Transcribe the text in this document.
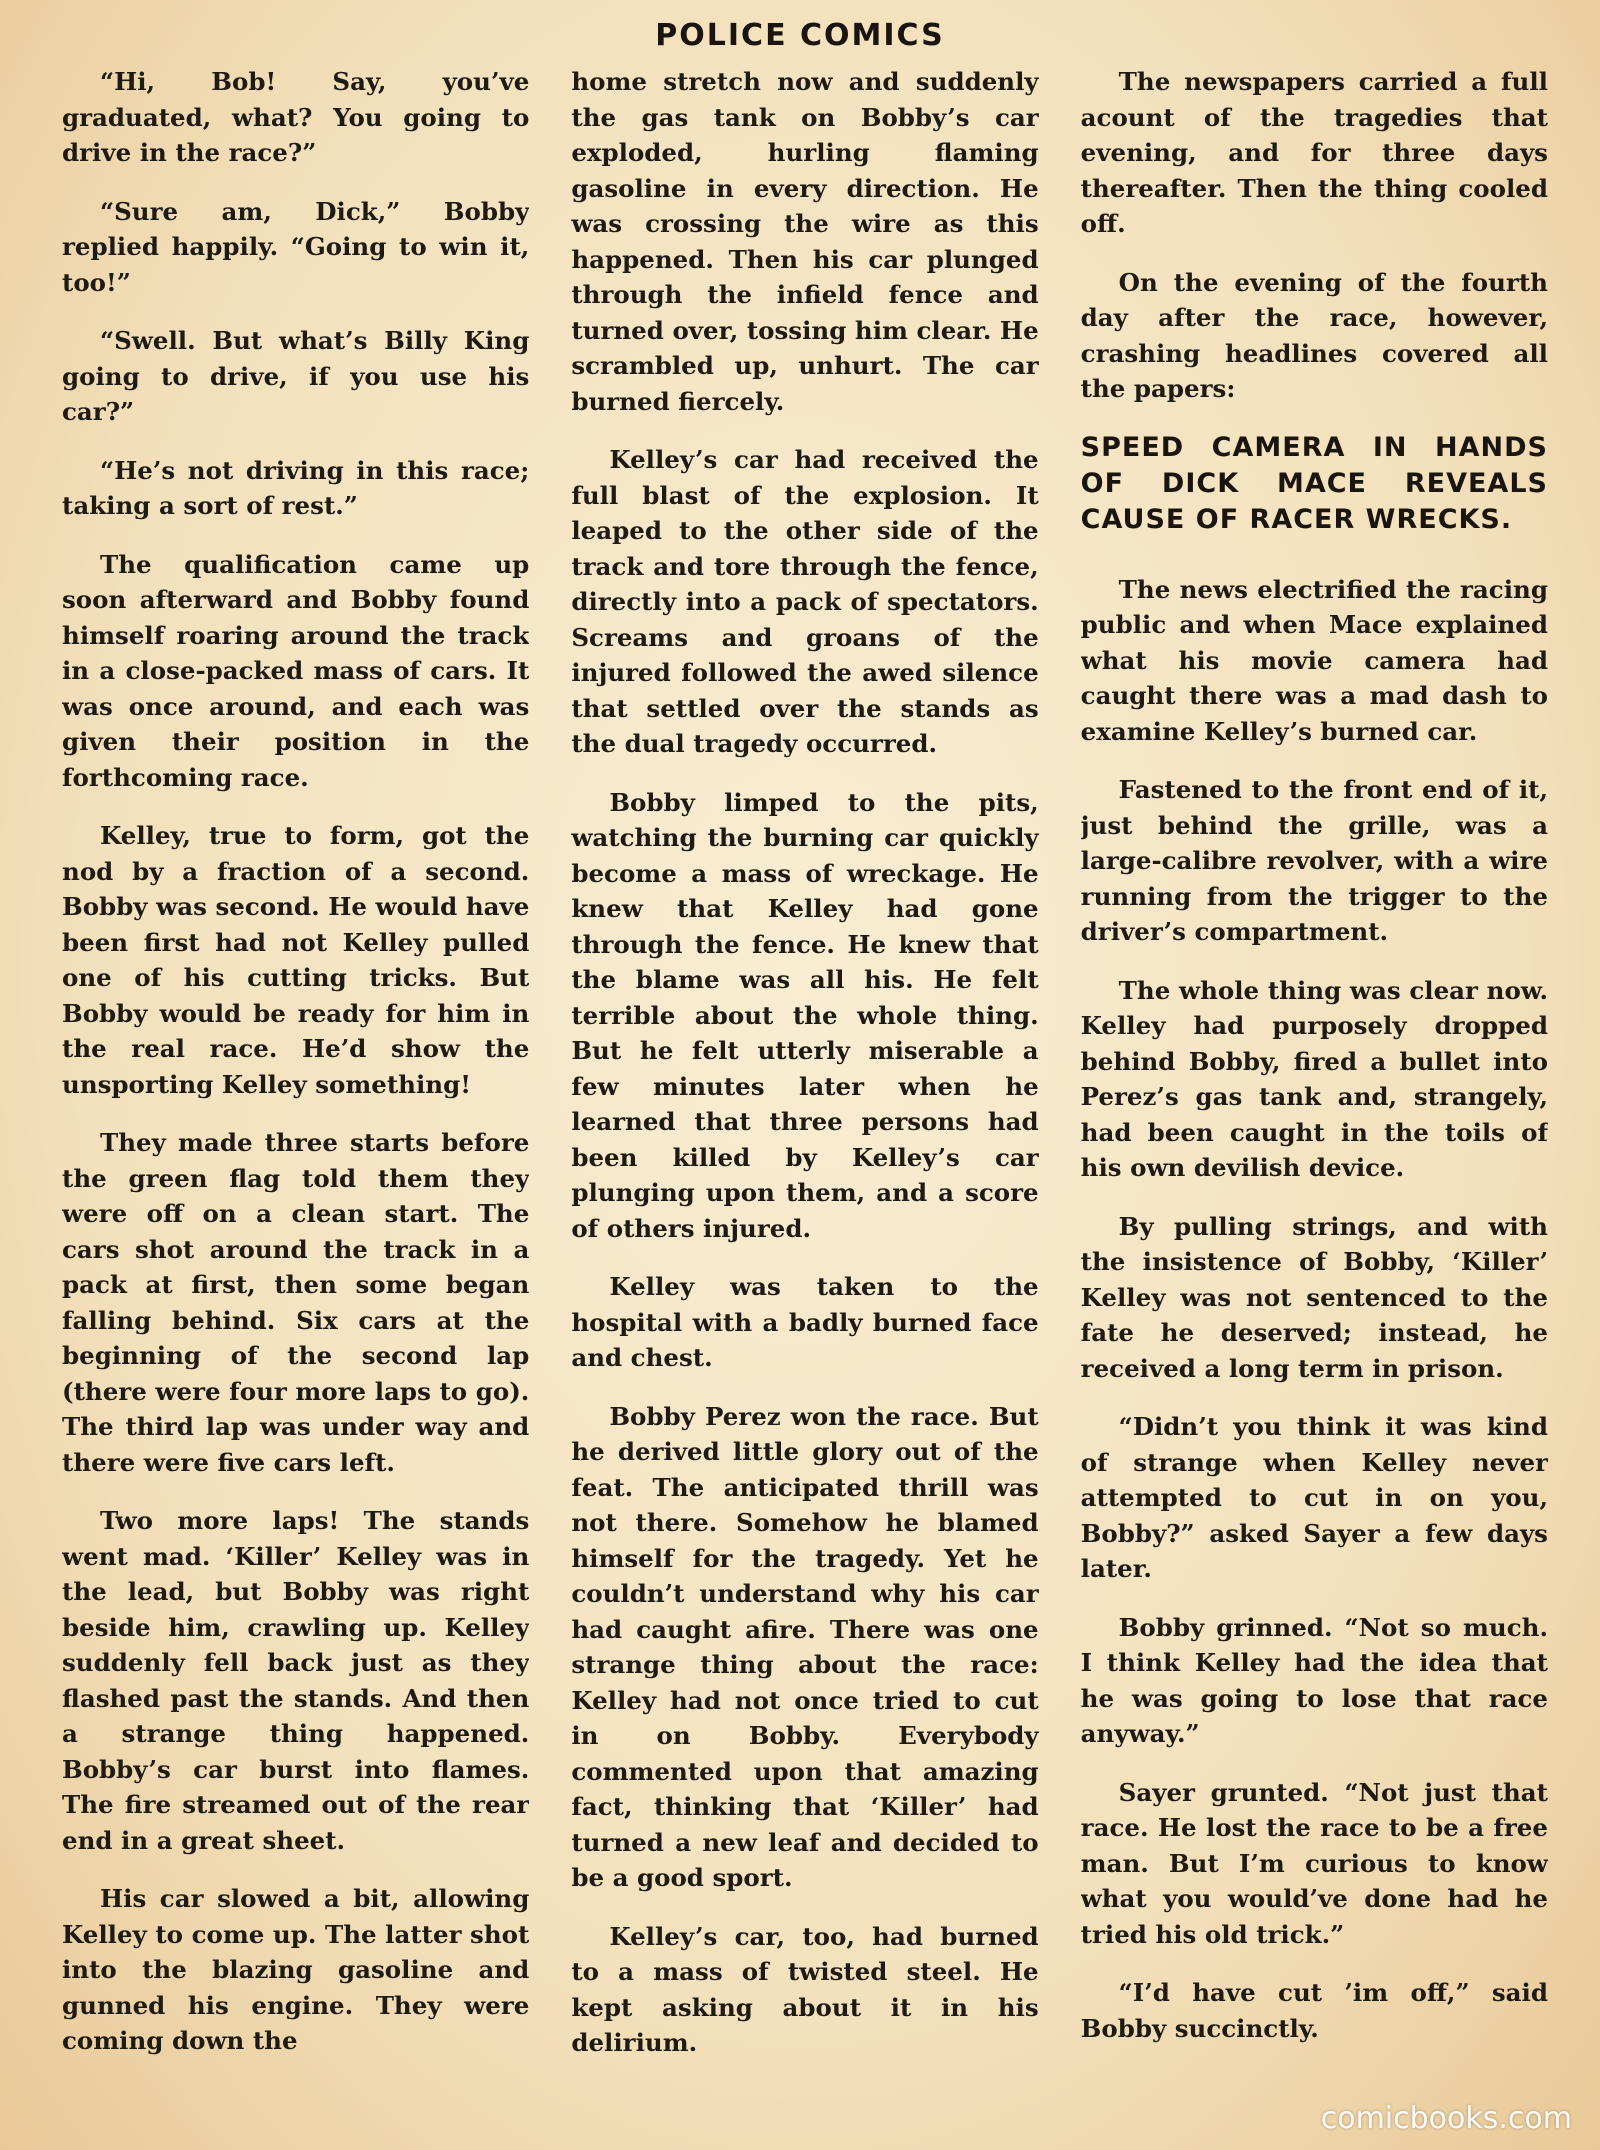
POLICE COMICS

“Hi, Bob! Say, you’ve graduated, what? You going to drive in the race?”

“Sure am, Dick,” Bobby replied happily. “Going to win it, too!”

“Swell. But what’s Billy King going to drive, if you use his car?”

“He’s not driving in this race; taking a sort of rest.”

The qualification came up soon afterward and Bobby found himself roaring around the track in a close-packed mass of cars. It was once around, and each was given their position in the forthcoming race.

Kelley, true to form, got the nod by a fraction of a second. Bobby was second. He would have been first had not Kelley pulled one of his cutting tricks. But Bobby would be ready for him in the real race. He’d show the unsporting Kelley something!

They made three starts before the green flag told them they were off on a clean start. The cars shot around the track in a pack at first, then some began falling behind. Six cars at the beginning of the second lap (there were four more laps to go). The third lap was under way and there were five cars left.

Two more laps! The stands went mad. ‘Killer’ Kelley was in the lead, but Bobby was right beside him, crawling up. Kelley suddenly fell back just as they flashed past the stands. And then a strange thing happened. Bobby’s car burst into flames. The fire streamed out of the rear end in a great sheet.

His car slowed a bit, allowing Kelley to come up. The latter shot into the blazing gasoline and gunned his engine. They were coming down the

home stretch now and suddenly the gas tank on Bobby’s car exploded, hurling flaming gasoline in every direction. He was crossing the wire as this happened. Then his car plunged through the infield fence and turned over, tossing him clear. He scrambled up, unhurt. The car burned fiercely.

Kelley’s car had received the full blast of the explosion. It leaped to the other side of the track and tore through the fence, directly into a pack of spectators. Screams and groans of the injured followed the awed silence that settled over the stands as the dual tragedy occurred.

Bobby limped to the pits, watching the burning car quickly become a mass of wreckage. He knew that Kelley had gone through the fence. He knew that the blame was all his. He felt terrible about the whole thing. But he felt utterly miserable a few minutes later when he learned that three persons had been killed by Kelley’s car plunging upon them, and a score of others injured.

Kelley was taken to the hospital with a badly burned face and chest.

Bobby Perez won the race. But he derived little glory out of the feat. The anticipated thrill was not there. Somehow he blamed himself for the tragedy. Yet he couldn’t understand why his car had caught afire. There was one strange thing about the race: Kelley had not once tried to cut in on Bobby. Everybody commented upon that amazing fact, thinking that ‘Killer’ had turned a new leaf and decided to be a good sport.

Kelley’s car, too, had burned to a mass of twisted steel. He kept asking about it in his delirium.

The newspapers carried a full acount of the tragedies that evening, and for three days thereafter. Then the thing cooled off.

On the evening of the fourth day after the race, however, crashing headlines covered all the papers:

SPEED CAMERA IN HANDS OF DICK MACE REVEALS CAUSE OF RACER WRECKS.

The news electrified the racing public and when Mace explained what his movie camera had caught there was a mad dash to examine Kelley’s burned car.

Fastened to the front end of it, just behind the grille, was a large-calibre revolver, with a wire running from the trigger to the driver’s compartment.

The whole thing was clear now. Kelley had purposely dropped behind Bobby, fired a bullet into Perez’s gas tank and, strangely, had been caught in the toils of his own devilish device.

By pulling strings, and with the insistence of Bobby, ‘Killer’ Kelley was not sentenced to the fate he deserved; instead, he received a long term in prison.

“Didn’t you think it was kind of strange when Kelley never attempted to cut in on you, Bobby?” asked Sayer a few days later.

Bobby grinned. “Not so much. I think Kelley had the idea that he was going to lose that race anyway.”

Sayer grunted. “Not just that race. He lost the race to be a free man. But I’m curious to know what you would’ve done had he tried his old trick.”

“I’d have cut ’im off,” said Bobby succinctly.

comicbooks.com
